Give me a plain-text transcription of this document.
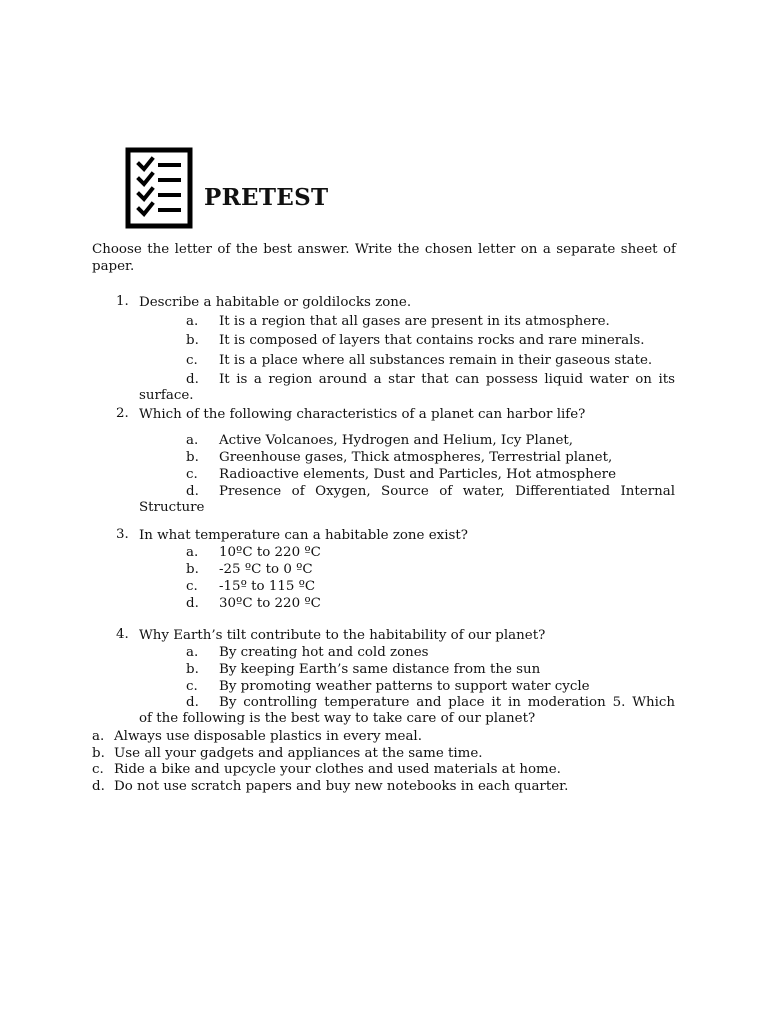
PRETEST
Choose the letter of the best answer. Write the chosen letter on a separate sheet of
paper.
1. Describe a habitable or goldilocks zone.
a. It is a region that all gases are present in its atmosphere.
b. It is composed of layers that contains rocks and rare minerals.
c. It is a place where all substances remain in their gaseous state.
d. It is a region around a star that can possess liquid water on its
surface.
2. Which of the following characteristics of a planet can harbor life?
a. Active Volcanoes, Hydrogen and Helium, Icy Planet,
b. Greenhouse gases, Thick atmospheres, Terrestrial planet,
c. Radioactive elements, Dust and Particles, Hot atmosphere
d. Presence of Oxygen, Source of water, Differentiated Internal
Structure
3. In what temperature can a habitable zone exist?
a. 10ºC to 220 ºC
b. -25 ºC to 0 ºC
c. -15º to 115 ºC
d. 30ºC to 220 ºC
4. Why Earth’s tilt contribute to the habitability of our planet?
a. By creating hot and cold zones
b. By keeping Earth’s same distance from the sun
c. By promoting weather patterns to support water cycle
d. By controlling temperature and place it in moderation 5. Which
of the following is the best way to take care of our planet?
a. Always use disposable plastics in every meal.
b. Use all your gadgets and appliances at the same time.
c. Ride a bike and upcycle your clothes and used materials at home.
d. Do not use scratch papers and buy new notebooks in each quarter.
